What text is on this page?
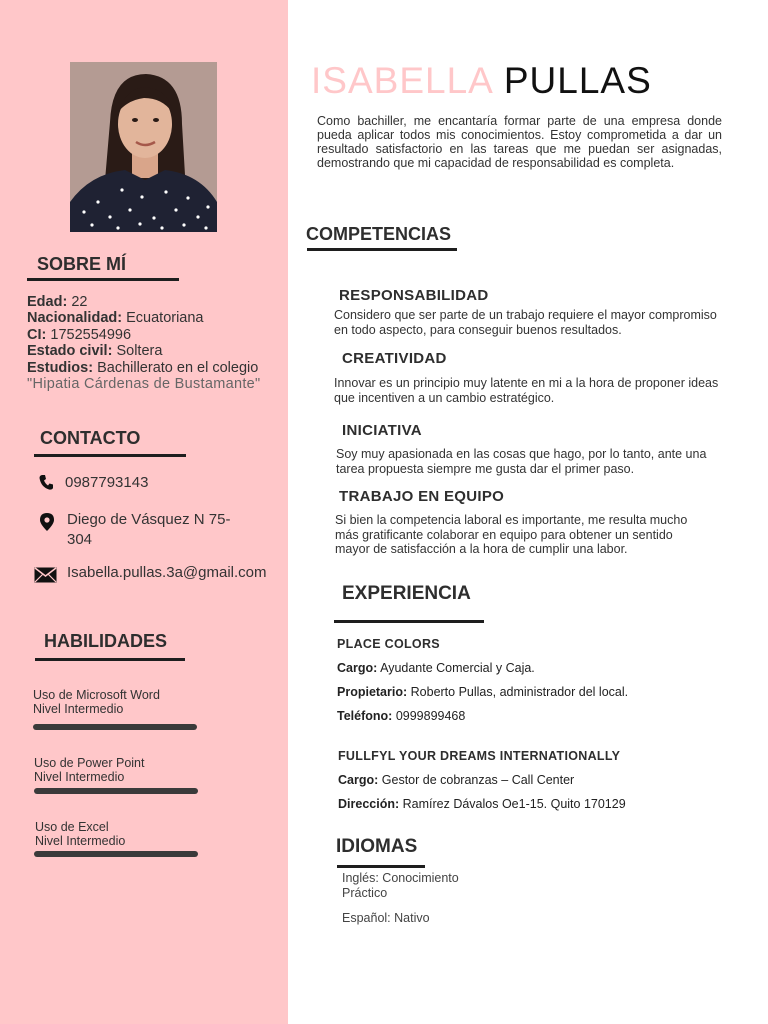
SOBRE MÍ
Edad: 22
Nacionalidad: Ecuatoriana
CI: 1752554996
Estado civil: Soltera
Estudios: Bachillerato en el colegio
"Hipatia Cárdenas de Bustamante"
CONTACTO
0987793143
Diego de Vásquez N 75-
304
Isabella.pullas.3a@gmail.com
HABILIDADES
Uso de Microsoft Word
Nivel Intermedio
Uso de Power Point
Nivel Intermedio
Uso de Excel
Nivel Intermedio
ISABELLA PULLAS
Como bachiller, me encantaría formar parte de una empresa donde pueda aplicar todos mis conocimientos. Estoy comprometida a dar un resultado satisfactorio en las tareas que me puedan ser asignadas, demostrando que mi capacidad de responsabilidad es completa.
COMPETENCIAS
RESPONSABILIDAD
Considero que ser parte de un trabajo requiere el mayor compromiso
en todo aspecto, para conseguir buenos resultados.
CREATIVIDAD
Innovar es un principio muy latente en mi a la hora de proponer ideas
que incentiven a un cambio estratégico.
INICIATIVA
Soy muy apasionada en las cosas que hago, por lo tanto, ante una
tarea propuesta siempre me gusta dar el primer paso.
TRABAJO EN EQUIPO
Si bien la competencia laboral es importante, me resulta mucho
más gratificante colaborar en equipo para obtener un sentido
mayor de satisfacción a la hora de cumplir una labor.
EXPERIENCIA
PLACE COLORS
Cargo: Ayudante Comercial y Caja.
Propietario: Roberto Pullas, administrador del local.
Teléfono: 0999899468
FULLFYL YOUR DREAMS INTERNATIONALLY
Cargo: Gestor de cobranzas – Call Center
Dirección: Ramírez Dávalos Oe1-15. Quito 170129
IDIOMAS
Inglés: Conocimiento
Práctico
Español: Nativo
